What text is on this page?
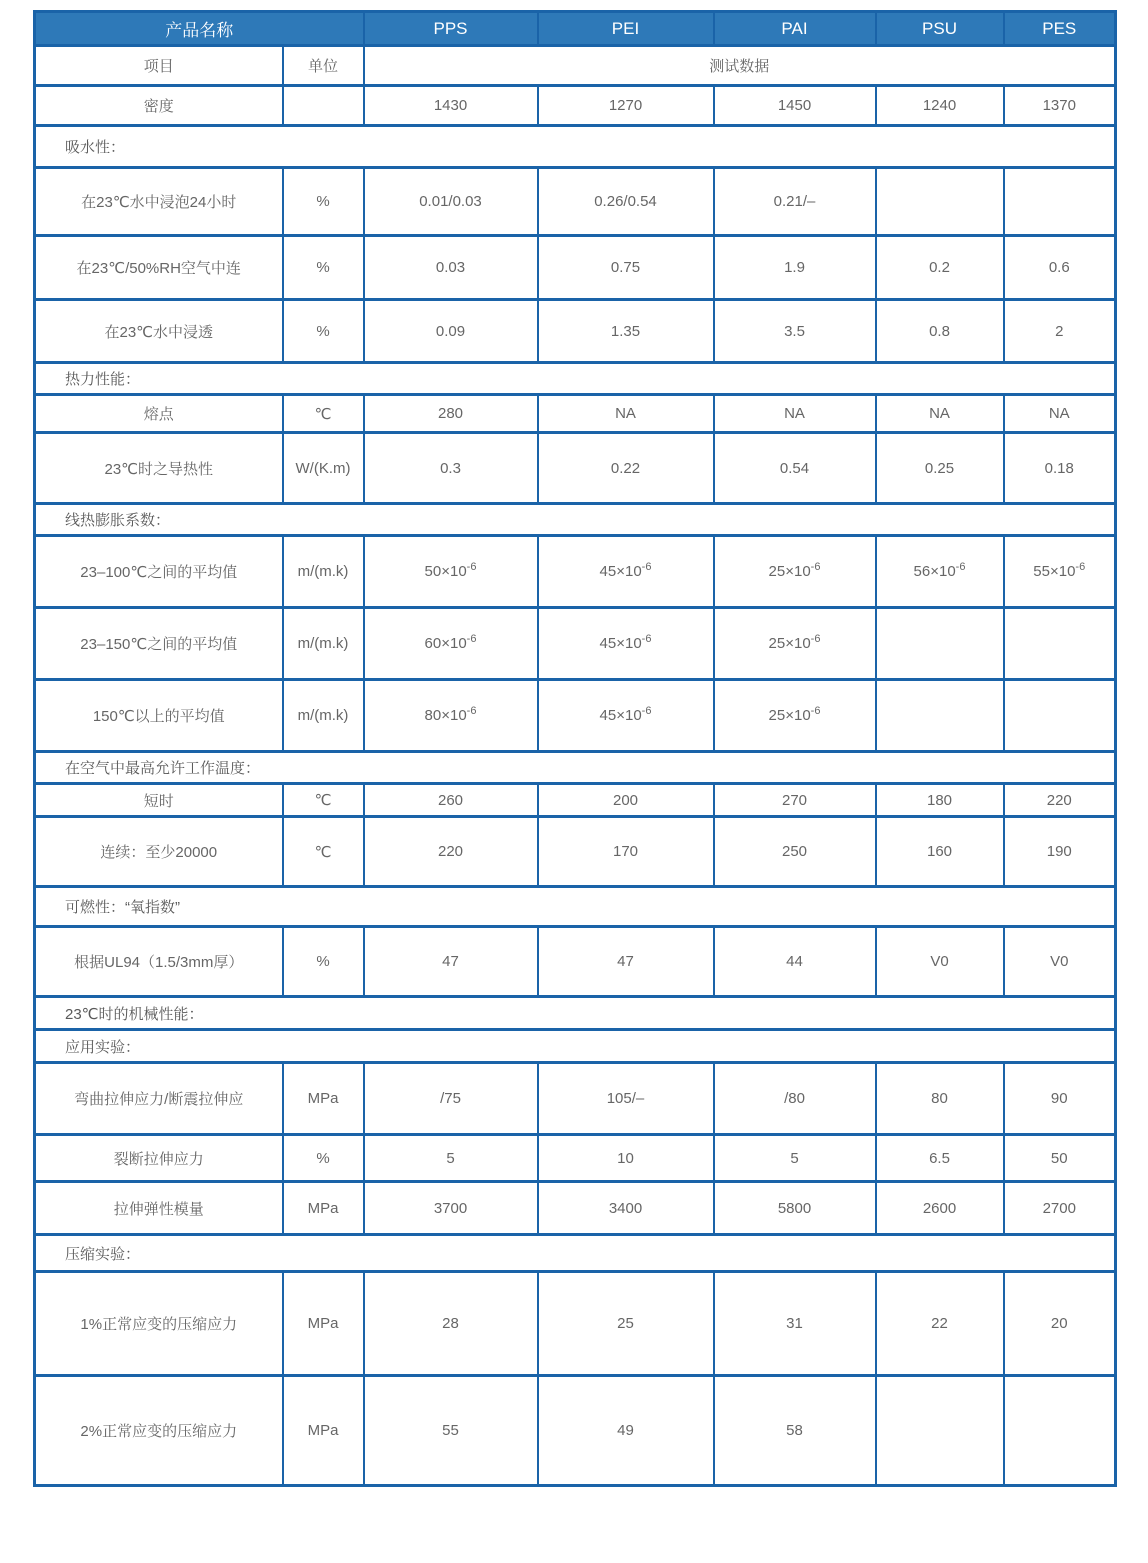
产品名称		PPS	PEI	PAI	PSU	PES
项目	单位	测试数据				
密度		1430	1270	1450	1240	1370
吸水性：						
在23℃水中浸泡24小时	%	0.01/0.03	0.26/0.54	0.21/–		
在23℃/50%RH空气中连	%	0.03	0.75	1.9	0.2	0.6
在23℃水中浸透	%	0.09	1.35	3.5	0.8	2
热力性能：						
熔点	℃	280	NA	NA	NA	NA
23℃时之导热性	W/(K.m)	0.3	0.22	0.54	0.25	0.18
线热膨胀系数：						
23–100℃之间的平均值	m/(m.k)	$50\times 10^{-6}$	$45\times 10^{-6}$	$25\times 10^{-6}$	$56\times 10^{-6}$	$55\times 10^{-6}$
23–150℃之间的平均值	m/(m.k)	$60\times 10^{-6}$	$45\times 10^{-6}$	$25\times 10^{-6}$		
150℃以上的平均值	m/(m.k)	$80\times 10^{-6}$	$45\times 10^{-6}$	$25\times 10^{-6}$		
在空气中最高允许工作温度：						
短时	℃	260	200	270	180	220
连续：至少20000	℃	220	170	250	160	190
可燃性：“氧指数”						
根据UL94（1.5/3mm厚）	%	47	47	44	V0	V0
23℃时的机械性能：						
应用实验：						
弯曲拉伸应力/断震拉伸应	MPa	/75	105/–	/80	80	90
裂断拉伸应力	%	5	10	5	6.5	50
拉伸弹性模量	MPa	3700	3400	5800	2600	2700
压缩实验：						
1%正常应变的压缩应力	MPa	28	25	31	22	20
2%正常应变的压缩应力	MPa	55	49	58		
